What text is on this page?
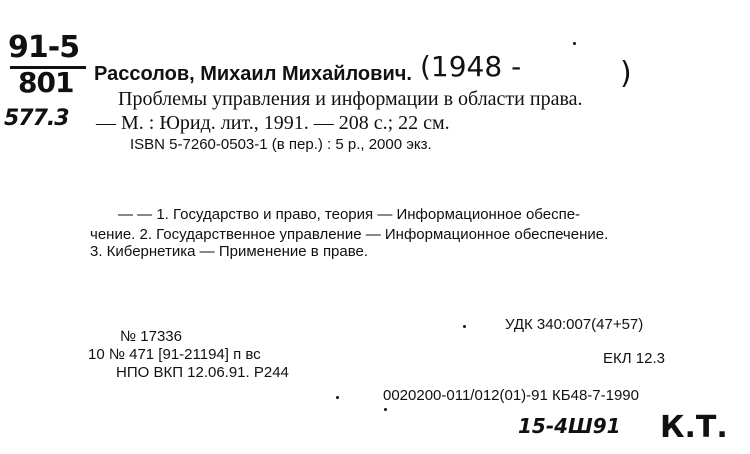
91-5
801
577.3
Рассолов, Михаил Михайлович. (1948 -	)
Проблемы управления и информации в области права.
— М. : Юрид. лит., 1991. — 208 с.; 22 см.
ISBN 5-7260-0503-1 (в пер.) : 5 р., 2000 экз.
— — 1. Государство и право, теория — Информационное обеспе-
чение. 2. Государственное управление — Информационное обеспечение.
3. Кибернетика — Применение в праве.
УДК 340:007(47+57)
ЕКЛ 12.3
№ 17336
10 № 471 [91-21194] п вс
НПО ВКП 12.06.91. Р244
0020200-011/012(01)-91 КБ48-7-1990
15-4Ш91 К.Т.
